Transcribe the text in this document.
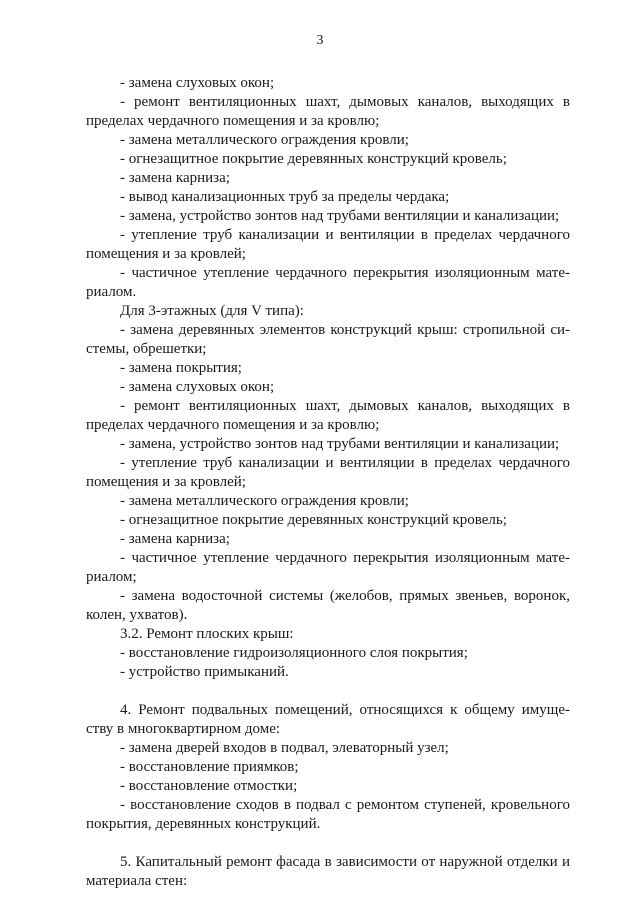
3
- замена слуховых окон;
- ремонт вентиляционных шахт, дымовых каналов, выходящих в
пределах чердачного помещения и за кровлю;
- замена металлического ограждения кровли;
- огнезащитное покрытие деревянных конструкций кровель;
- замена карниза;
- вывод канализационных труб за пределы чердака;
- замена, устройство зонтов над трубами вентиляции и канализации;
- утепление труб канализации и вентиляции в пределах чердачного
помещения и за кровлей;
- частичное утепление чердачного перекрытия изоляционным мате-
риалом.
Для 3-этажных (для V типа):
- замена деревянных элементов конструкций крыш: стропильной си-
стемы, обрешетки;
- замена покрытия;
- замена слуховых окон;
- ремонт вентиляционных шахт, дымовых каналов, выходящих в
пределах чердачного помещения и за кровлю;
- замена, устройство зонтов над трубами вентиляции и канализации;
- утепление труб канализации и вентиляции в пределах чердачного
помещения и за кровлей;
- замена металлического ограждения кровли;
- огнезащитное покрытие деревянных конструкций кровель;
- замена карниза;
- частичное утепление чердачного перекрытия изоляционным мате-
риалом;
- замена водосточной системы (желобов, прямых звеньев, воронок,
колен, ухватов).
3.2. Ремонт плоских крыш:
- восстановление гидроизоляционного слоя покрытия;
- устройство примыканий.
4. Ремонт подвальных помещений, относящихся к общему имуще-
ству в многоквартирном доме:
- замена дверей входов в подвал, элеваторный узел;
- восстановление приямков;
- восстановление отмостки;
- восстановление сходов в подвал с ремонтом ступеней, кровельного
покрытия, деревянных конструкций.
5. Капитальный ремонт фасада в зависимости от наружной отделки и
материала стен:
